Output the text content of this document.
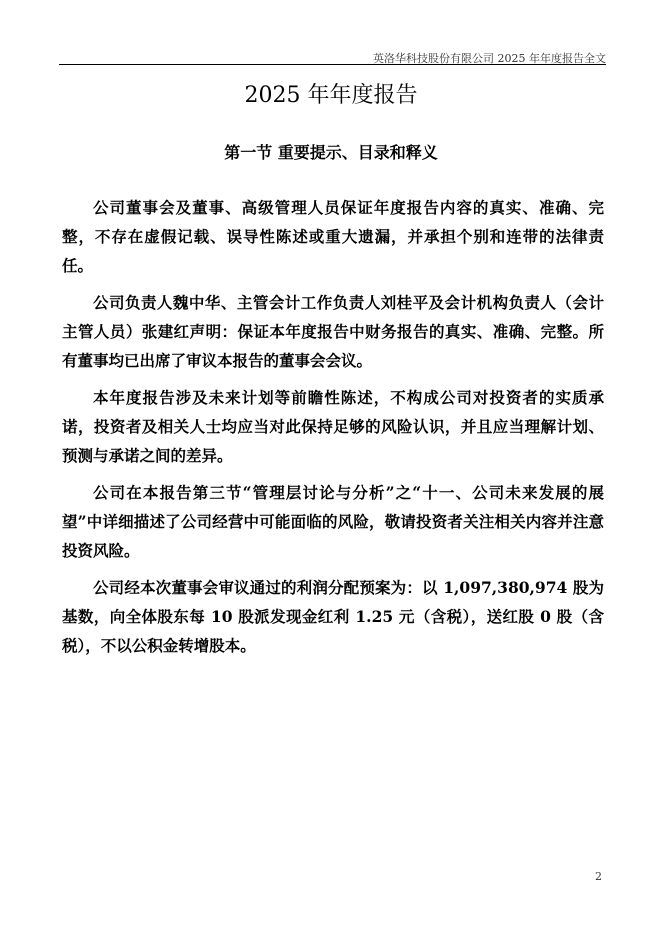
英洛华科技股份有限公司 2025 年年度报告全文
2025 年年度报告
第一节 重要提示、目录和释义

公司董事会及董事、高级管理人员保证年度报告内容的真实、准确、完整，不存在虚假记载、误导性陈述或重大遗漏，并承担个别和连带的法律责任。

公司负责人魏中华、主管会计工作负责人刘桂平及会计机构负责人（会计主管人员）张建红声明：保证本年度报告中财务报告的真实、准确、完整。所有董事均已出席了审议本报告的董事会会议。

本年度报告涉及未来计划等前瞻性陈述，不构成公司对投资者的实质承诺，投资者及相关人士均应当对此保持足够的风险认识，并且应当理解计划、预测与承诺之间的差异。

公司在本报告第三节“管理层讨论与分析”之“十一、公司未来发展的展望”中详细描述了公司经营中可能面临的风险，敬请投资者关注相关内容并注意投资风险。

公司经本次董事会审议通过的利润分配预案为：以 1,097,380,974 股为基数，向全体股东每 10 股派发现金红利 1.25 元（含税），送红股 0 股（含税），不以公积金转增股本。

2
